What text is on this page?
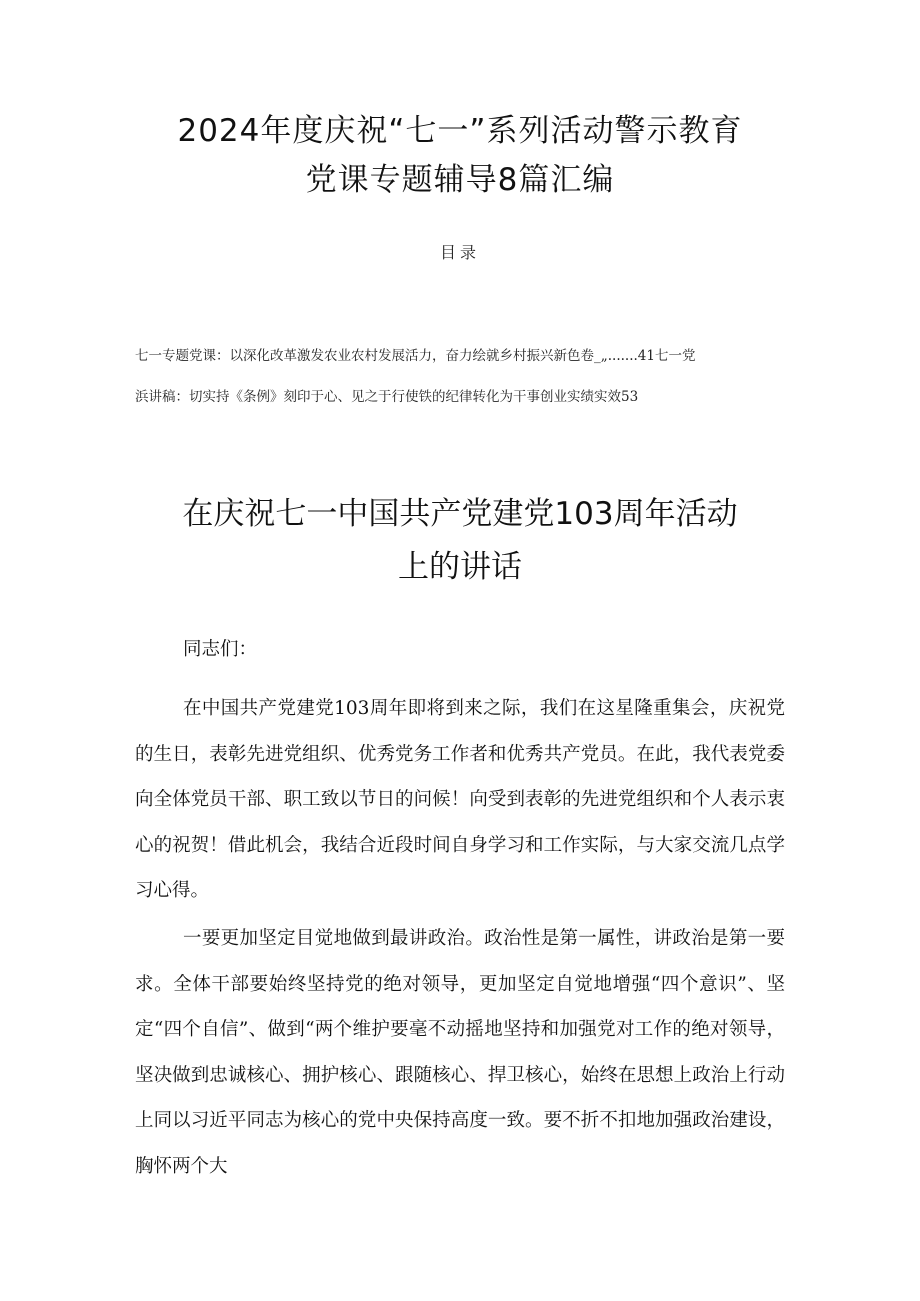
2024年度庆祝“七一”系列活动警示教育
党课专题辅导8篇汇编
目录
七一专题党课：以深化改革激发农业农村发展活力，奋力绘就乡村振兴新色卷_„.......41七一党
浜讲稿：切实持《条例》刻印于心、见之于行使铁的纪律转化为干事创业实绩实效53
在庆祝七一中国共产党建党103周年活动
上的讲话
同志们：

在中国共产党建党103周年即将到来之际，我们在这星隆重集会，庆祝党的生日，表彰先进党组织、优秀党务工作者和优秀共产党员。在此，我代表党委向全体党员干部、职工致以节日的问候！向受到表彰的先进党组织和个人表示衷心的祝贺！借此机会，我结合近段时间自身学习和工作实际，与大家交流几点学习心得。

一要更加坚定目觉地做到最讲政治。政治性是第一属性，讲政治是第一要求。全体干部要始终坚持党的绝对领导，更加坚定自觉地增强“四个意识”、坚定“四个自信”、做到“两个维护要毫不动摇地坚持和加强党对工作的绝对领导，坚决做到忠诚核心、拥护核心、跟随核心、捍卫核心，始终在思想上政治上行动上同以习近平同志为核心的党中央保持高度一致。要不折不扣地加强政治建设，胸怀两个大
